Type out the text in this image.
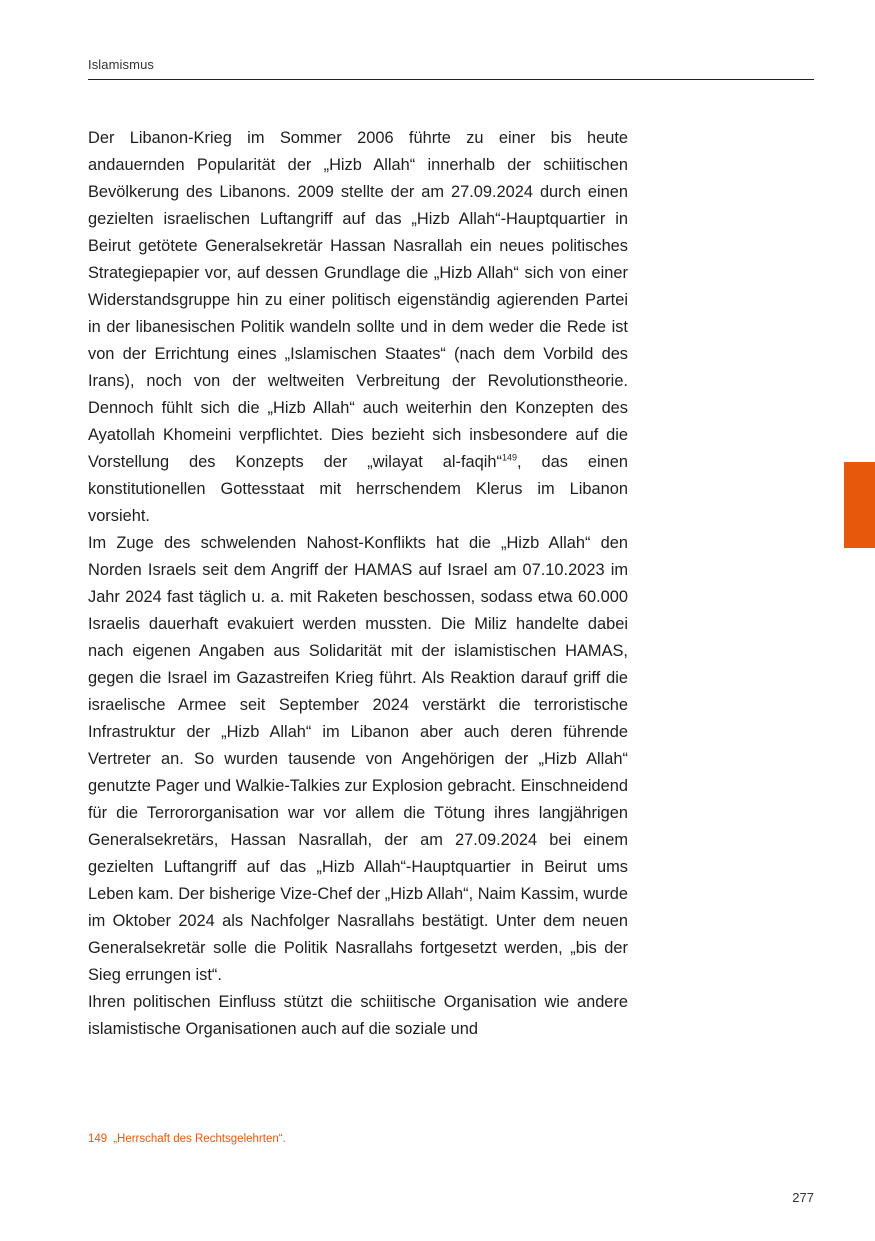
Islamismus

Der Libanon-Krieg im Sommer 2006 führte zu einer bis heute andauernden Popularität der „Hizb Allah“ innerhalb der schiitischen Bevölkerung des Libanons. 2009 stellte der am 27.09.2024 durch einen gezielten israelischen Luftangriff auf das „Hizb Allah“-Hauptquartier in Beirut getötete Generalsekretär Hassan Nasrallah ein neues politisches Strategiepapier vor, auf dessen Grundlage die „Hizb Allah“ sich von einer Widerstandsgruppe hin zu einer politisch eigenständig agierenden Partei in der libanesischen Politik wandeln sollte und in dem weder die Rede ist von der Errichtung eines „Islamischen Staates“ (nach dem Vorbild des Irans), noch von der weltweiten Verbreitung der Revolutionstheorie. Dennoch fühlt sich die „Hizb Allah“ auch weiterhin den Konzepten des Ayatollah Khomeini verpflichtet. Dies bezieht sich insbesondere auf die Vorstellung des Konzepts der „wilayat al-faqih“$^{149}$, das einen konstitutionellen Gottesstaat mit herrschendem Klerus im Libanon vorsieht.

Im Zuge des schwelenden Nahost-Konflikts hat die „Hizb Allah“ den Norden Israels seit dem Angriff der HAMAS auf Israel am 07.10.2023 im Jahr 2024 fast täglich u. a. mit Raketen beschossen, sodass etwa 60.000 Israelis dauerhaft evakuiert werden mussten. Die Miliz handelte dabei nach eigenen Angaben aus Solidarität mit der islamistischen HAMAS, gegen die Israel im Gazastreifen Krieg führt. Als Reaktion darauf griff die israelische Armee seit September 2024 verstärkt die terroristische Infrastruktur der „Hizb Allah“ im Libanon aber auch deren führende Vertreter an. So wurden tausende von Angehörigen der „Hizb Allah“ genutzte Pager und Walkie-Talkies zur Explosion gebracht. Einschneidend für die Terrororganisation war vor allem die Tötung ihres langjährigen Generalsekretärs, Hassan Nasrallah, der am 27.09.2024 bei einem gezielten Luftangriff auf das „Hizb Allah“-Hauptquartier in Beirut ums Leben kam. Der bisherige Vize-Chef der „Hizb Allah“, Naim Kassim, wurde im Oktober 2024 als Nachfolger Nasrallahs bestätigt. Unter dem neuen Generalsekretär solle die Politik Nasrallahs fortgesetzt werden, „bis der Sieg errungen ist“.

Ihren politischen Einfluss stützt die schiitische Organisation wie andere islamistische Organisationen auch auf die soziale und

149 „Herrschaft des Rechtsgelehrten“.
277
